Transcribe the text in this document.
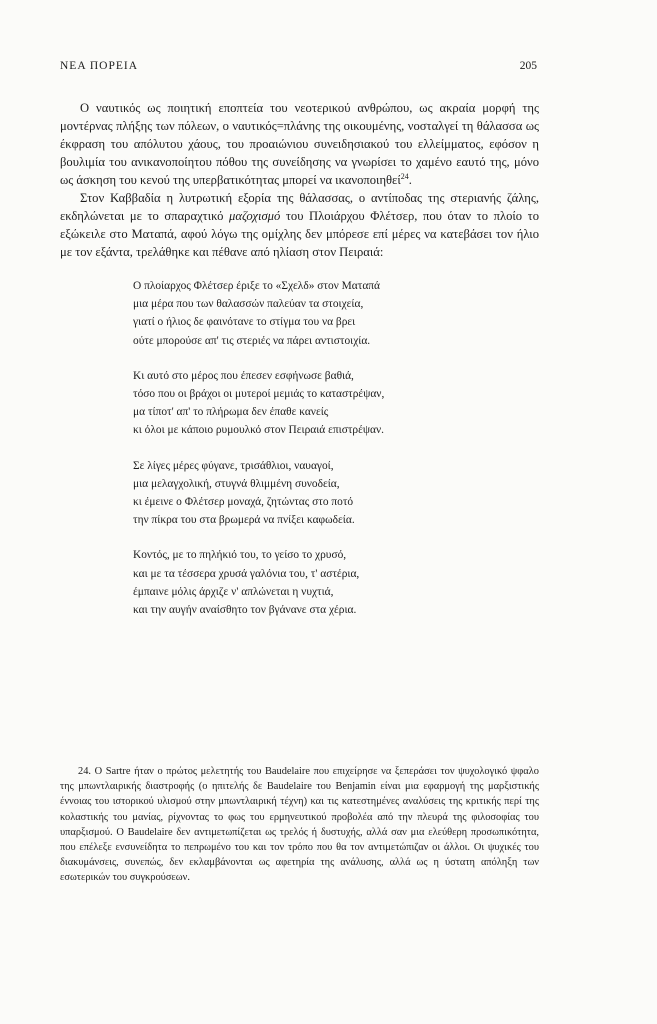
ΝΕΑ ΠΟΡΕΙΑ	205

Ο ναυτικός ως ποιητική εποπτεία του νεοτερικού ανθρώπου, ως ακραία μορφή της μοντέρνας πλήξης των πόλεων, ο ναυτικός=πλάνης της οικουμένης, νοσταλγεί τη θάλασσα ως έκφραση του απόλυτου χάους, του προαιώνιου συνειδησιακού του ελλείμματος, εφόσον η βουλιμία του ανικανοποίητου πόθου της συνείδησης να γνωρίσει το χαμένο εαυτό της, μόνο ως άσκηση του κενού της υπερβατικότητας μπορεί να ικανοποιηθεί$^{24}$.

Στον Καββαδία η λυτρωτική εξορία της θάλασσας, ο αντίποδας της στεριανής ζάλης, εκδηλώνεται με το σπαραχτικό μαζοχισμό του Πλοιάρχου Φλέτσερ, που όταν το πλοίο το εξώκειλε στο Ματαπά, αφού λόγω της ομίχλης δεν μπόρεσε επί μέρες να κατεβάσει τον ήλιο με τον εξάντα, τρελάθηκε και πέθανε από ηλίαση στον Πειραιά:

Ο πλοίαρχος Φλέτσερ έριξε το «Σχελδ» στον Ματαπά
μια μέρα που των θαλασσών παλεύαν τα στοιχεία,
γιατί ο ήλιος δε φαινότανε το στίγμα του να βρει
ούτε μπορούσε απ' τις στεριές να πάρει αντιστοιχία.
Κι αυτό στο μέρος που έπεσεν εσφήνωσε βαθιά,
τόσο που οι βράχοι οι μυτεροί μεμιάς το καταστρέψαν,
μα τίποτ' απ' το πλήρωμα δεν έπαθε κανείς
κι όλοι με κάποιο ρυμουλκό στον Πειραιά επιστρέψαν.
Σε λίγες μέρες φύγανε, τρισάθλιοι, ναυαγοί,
μια μελαγχολική, στυγνά θλιμμένη συνοδεία,
κι έμεινε ο Φλέτσερ μοναχά, ζητώντας στο ποτό
την πίκρα του στα βρωμερά να πνίξει καφωδεία.
Κοντός, με το πηλήκιό του, το γείσο το χρυσό,
και με τα τέσσερα χρυσά γαλόνια του, τ' αστέρια,
έμπαινε μόλις άρχιζε ν' απλώνεται η νυχτιά,
και την αυγήν αναίσθητο τον βγάνανε στα χέρια.

24. Ο Sartre ήταν ο πρώτος μελετητής του Baudelaire που επιχείρησε να ξεπεράσει τον ψυχολογικό ψφαλο της μπωντλαιρικής διαστροφής (ο ηπιτελής δε Baudelaire του Benjamin είναι μια εφαρμογή της μαρξιστικής έννοιας του ιστορικού υλισμού στην μπωντλαιρική τέχνη) και τις κατεστημένες αναλύσεις της κριτικής περί της κολαστικής του μανίας, ρίχνοντας το φως του ερμηνευτικού προβολέα από την πλευρά της φιλοσοφίας του υπαρξισμού. Ο Baudelaire δεν αντιμετωπίζεται ως τρελός ή δυστυχής, αλλά σαν μια ελεύθερη προσωπικότητα, που επέλεξε ενσυνείδητα το πεπρωμένο του και τον τρόπο που θα τον αντιμετώπιζαν οι άλλοι. Οι ψυχικές του διακυμάνσεις, συνεπώς, δεν εκλαμβάνονται ως αφετηρία της ανάλυσης, αλλά ως η ύστατη απόληξη των εσωτερικών του συγκρούσεων.
